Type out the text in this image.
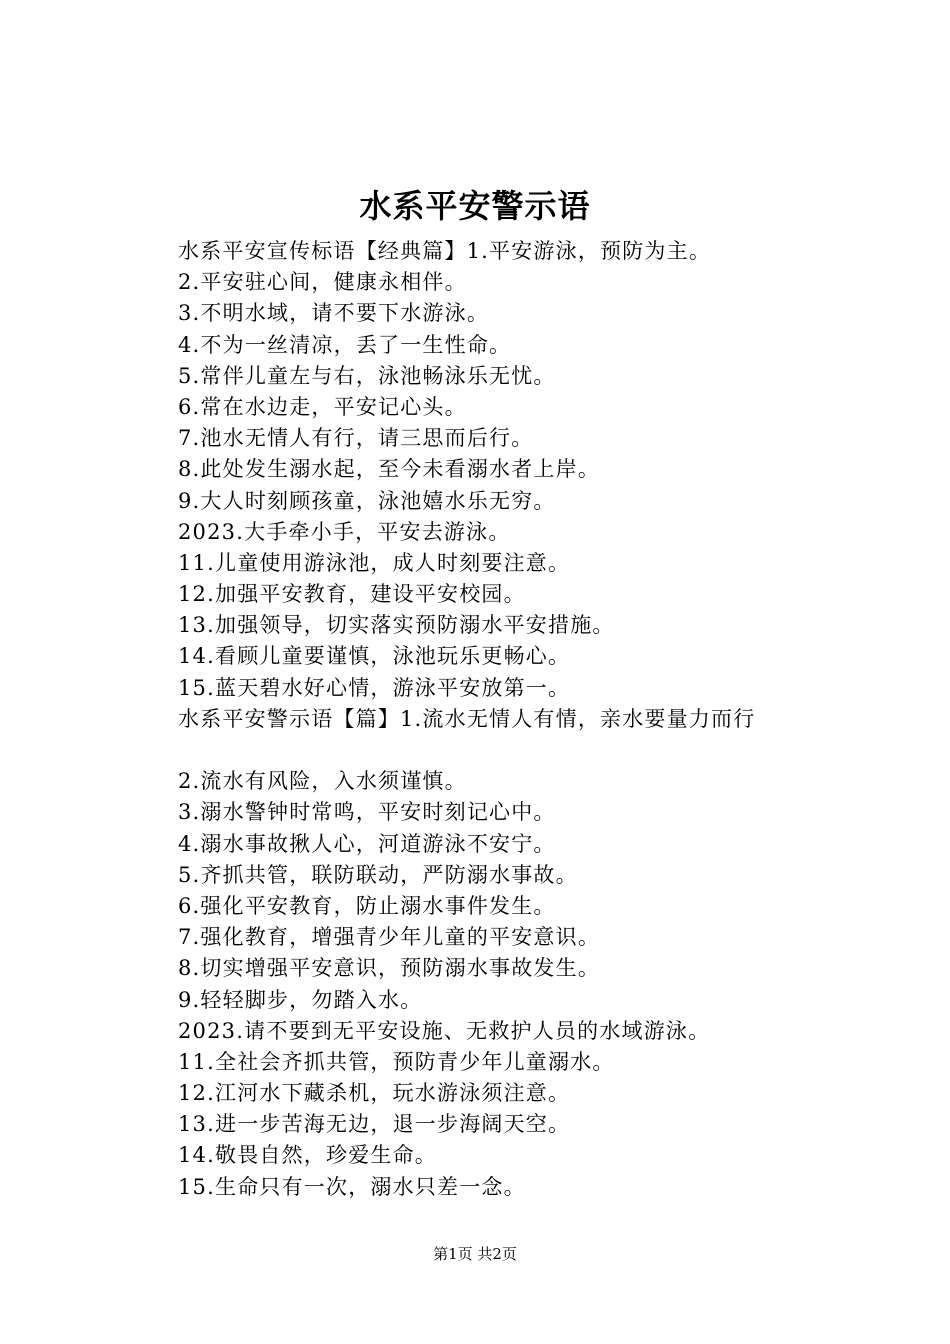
水系平安警示语
水系平安宣传标语【经典篇】1.平安游泳，预防为主。
2.平安驻心间，健康永相伴。
3.不明水域，请不要下水游泳。
4.不为一丝清凉，丢了一生性命。
5.常伴儿童左与右，泳池畅泳乐无忧。
6.常在水边走，平安记心头。
7.池水无情人有行，请三思而后行。
8.此处发生溺水起，至今未看溺水者上岸。
9.大人时刻顾孩童，泳池嬉水乐无穷。
2023.大手牵小手，平安去游泳。
11.儿童使用游泳池，成人时刻要注意。
12.加强平安教育，建设平安校园。
13.加强领导，切实落实预防溺水平安措施。
14.看顾儿童要谨慎，泳池玩乐更畅心。
15.蓝天碧水好心情，游泳平安放第一。
水系平安警示语【篇】1.流水无情人有情，亲水要量力而行
2.流水有风险，入水须谨慎。
3.溺水警钟时常鸣，平安时刻记心中。
4.溺水事故揪人心，河道游泳不安宁。
5.齐抓共管，联防联动，严防溺水事故。
6.强化平安教育，防止溺水事件发生。
7.强化教育，增强青少年儿童的平安意识。
8.切实增强平安意识，预防溺水事故发生。
9.轻轻脚步，勿踏入水。
2023.请不要到无平安设施、无救护人员的水域游泳。
11.全社会齐抓共管，预防青少年儿童溺水。
12.江河水下藏杀机，玩水游泳须注意。
13.进一步苦海无边，退一步海阔天空。
14.敬畏自然，珍爱生命。
15.生命只有一次，溺水只差一念。
第1页 共2页
